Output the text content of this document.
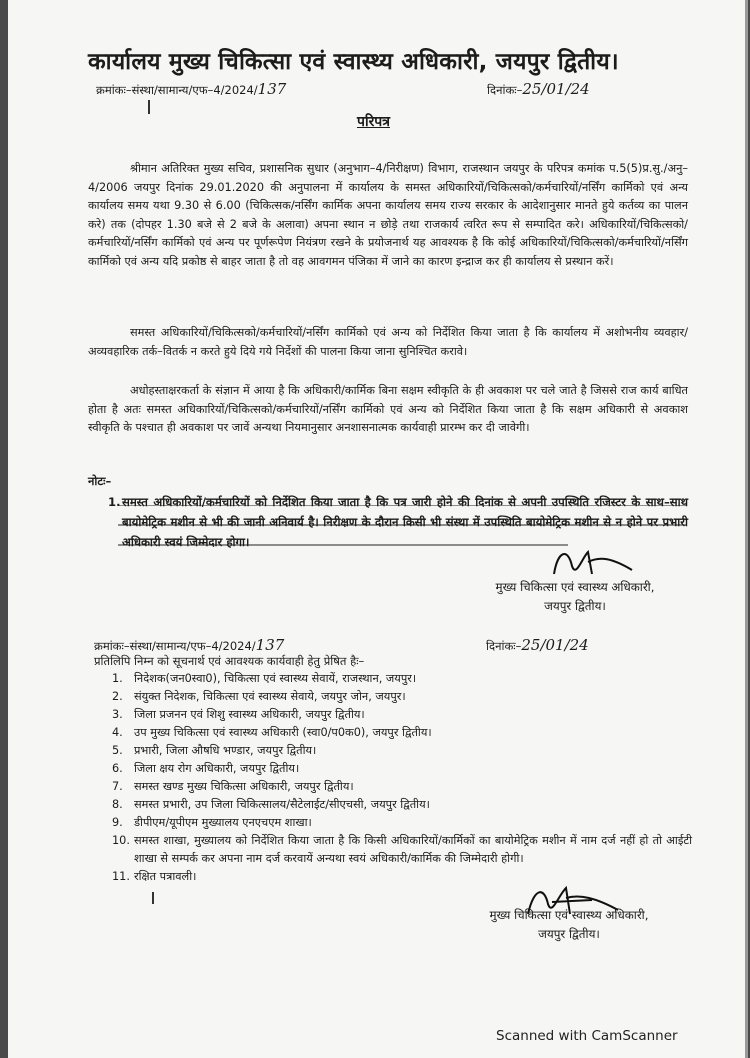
कार्यालय मुख्य चिकित्सा एवं स्वास्थ्य अधिकारी, जयपुर द्वितीय।
क्रमांकः–संस्था/सामान्य/एफ–4/2024/137	दिनांकः–25/01/24
परिपत्र
श्रीमान अतिरिक्त मुख्य सचिव, प्रशासनिक सुधार (अनुभाग–4/निरीक्षण) विभाग, राजस्थान जयपुर के परिपत्र कमांक प.5(5)प्र.सु./अनु–4/2006 जयपुर दिनांक 29.01.2020 की अनुपालना में कार्यालय के समस्त अधिकारियों/चिकित्सको/कर्मचारियों/नर्सिंग कार्मिको एवं अन्य कार्यालय समय यथा 9.30 से 6.00 (चिकित्सक/नर्सिंग कार्मिक अपना कार्यालय समय राज्य सरकार के आदेशानुसार मानते हुये कर्तव्य का पालन करे) तक (दोपहर 1.30 बजे से 2 बजे के अलावा) अपना स्थान न छोड़े तथा राजकार्य त्वरित रूप से सम्पादित करे। अधिकारियों/चिकित्सको/कर्मचारियों/नर्सिंग कार्मिको एवं अन्य पर पूर्णरूपेण नियंत्रण रखने के प्रयोजनार्थ यह आवश्यक है कि कोई अधिकारियों/चिकित्सको/कर्मचारियों/नर्सिंग कार्मिको एवं अन्य यदि प्रकोष्ठ से बाहर जाता है तो वह आवगमन पंजिका में जाने का कारण इन्द्राज कर ही कार्यालय से प्रस्थान करें।
समस्त अधिकारियों/चिकित्सको/कर्मचारियों/नर्सिंग कार्मिको एवं अन्य को निर्देशित किया जाता है कि कार्यालय में अशोभनीय व्यवहार/अव्यवहारिक तर्क–वितर्क न करते हुये दिये गये निर्देशों की पालना किया जाना सुनिश्चित करावे।
अधोहस्ताक्षरकर्ता के संज्ञान में आया है कि अधिकारी/कार्मिक बिना सक्षम स्वीकृति के ही अवकाश पर चले जाते है जिससे राज कार्य बाधित होता है अतः समस्त अधिकारियों/चिकित्सको/कर्मचारियों/नर्सिंग कार्मिको एवं अन्य को निर्देशित किया जाता है कि सक्षम अधिकारी से अवकाश स्वीकृति के पश्चात ही अवकाश पर जावें अन्यथा नियमानुसार अनशासनात्मक कार्यवाही प्रारम्भ कर दी जावेगी।
नोटः–
1. समस्त अधिकारियों/कर्मचारियों को निर्देशित किया जाता है कि पत्र जारी होने की दिनांक से अपनी उपस्थिति रजिस्टर के साथ–साथ बायोमेट्रिक मशीन से भी की जानी अनिवार्य है। निरीक्षण के दौरान किसी भी संस्था में उपस्थिति बायोमेट्रिक मशीन से न होने पर प्रभारी अधिकारी स्वयं जिम्मेदार होगा।
मुख्य चिकित्सा एवं स्वास्थ्य अधिकारी,
जयपुर द्वितीय।
क्रमांकः–संस्था/सामान्य/एफ–4/2024/137	दिनांकः–25/01/24
प्रतिलिपि निम्न को सूचनार्थ एवं आवश्यक कार्यवाही हेतु प्रेषित हैः–
1. निदेशक(जन0स्वा0), चिकित्सा एवं स्वास्थ्य सेवायें, राजस्थान, जयपुर।
2. संयुक्त निदेशक, चिकित्सा एवं स्वास्थ्य सेवाये, जयपुर जोन, जयपुर।
3. जिला प्रजनन एवं शिशु स्वास्थ्य अधिकारी, जयपुर द्वितीय।
4. उप मुख्य चिकित्सा एवं स्वास्थ्य अधिकारी (स्वा0/प0क0), जयपुर द्वितीय।
5. प्रभारी, जिला औषधि भण्डार, जयपुर द्वितीय।
6. जिला क्षय रोग अधिकारी, जयपुर द्वितीय।
7. समस्त खण्ड मुख्य चिकित्सा अधिकारी, जयपुर द्वितीय।
8. समस्त प्रभारी, उप जिला चिकित्सालय/सैटेलाईट/सीएचसी, जयपुर द्वितीय।
9. डीपीएम/यूपीएम मुख्यालय एनएचएम शाखा।
10. समस्त शाखा, मुख्यालय को निर्देशित किया जाता है कि किसी अधिकारियों/कार्मिकों का बायोमेट्रिक मशीन में नाम दर्ज नहीं हो तो आईटी शाखा से सम्पर्क कर अपना नाम दर्ज करवायें अन्यथा स्वयं अधिकारी/कार्मिक की जिम्मेदारी होगी।
11. रक्षित पत्रावली।
मुख्य चिकित्सा एवं स्वास्थ्य अधिकारी,
जयपुर द्वितीय।
Scanned with CamScanner
